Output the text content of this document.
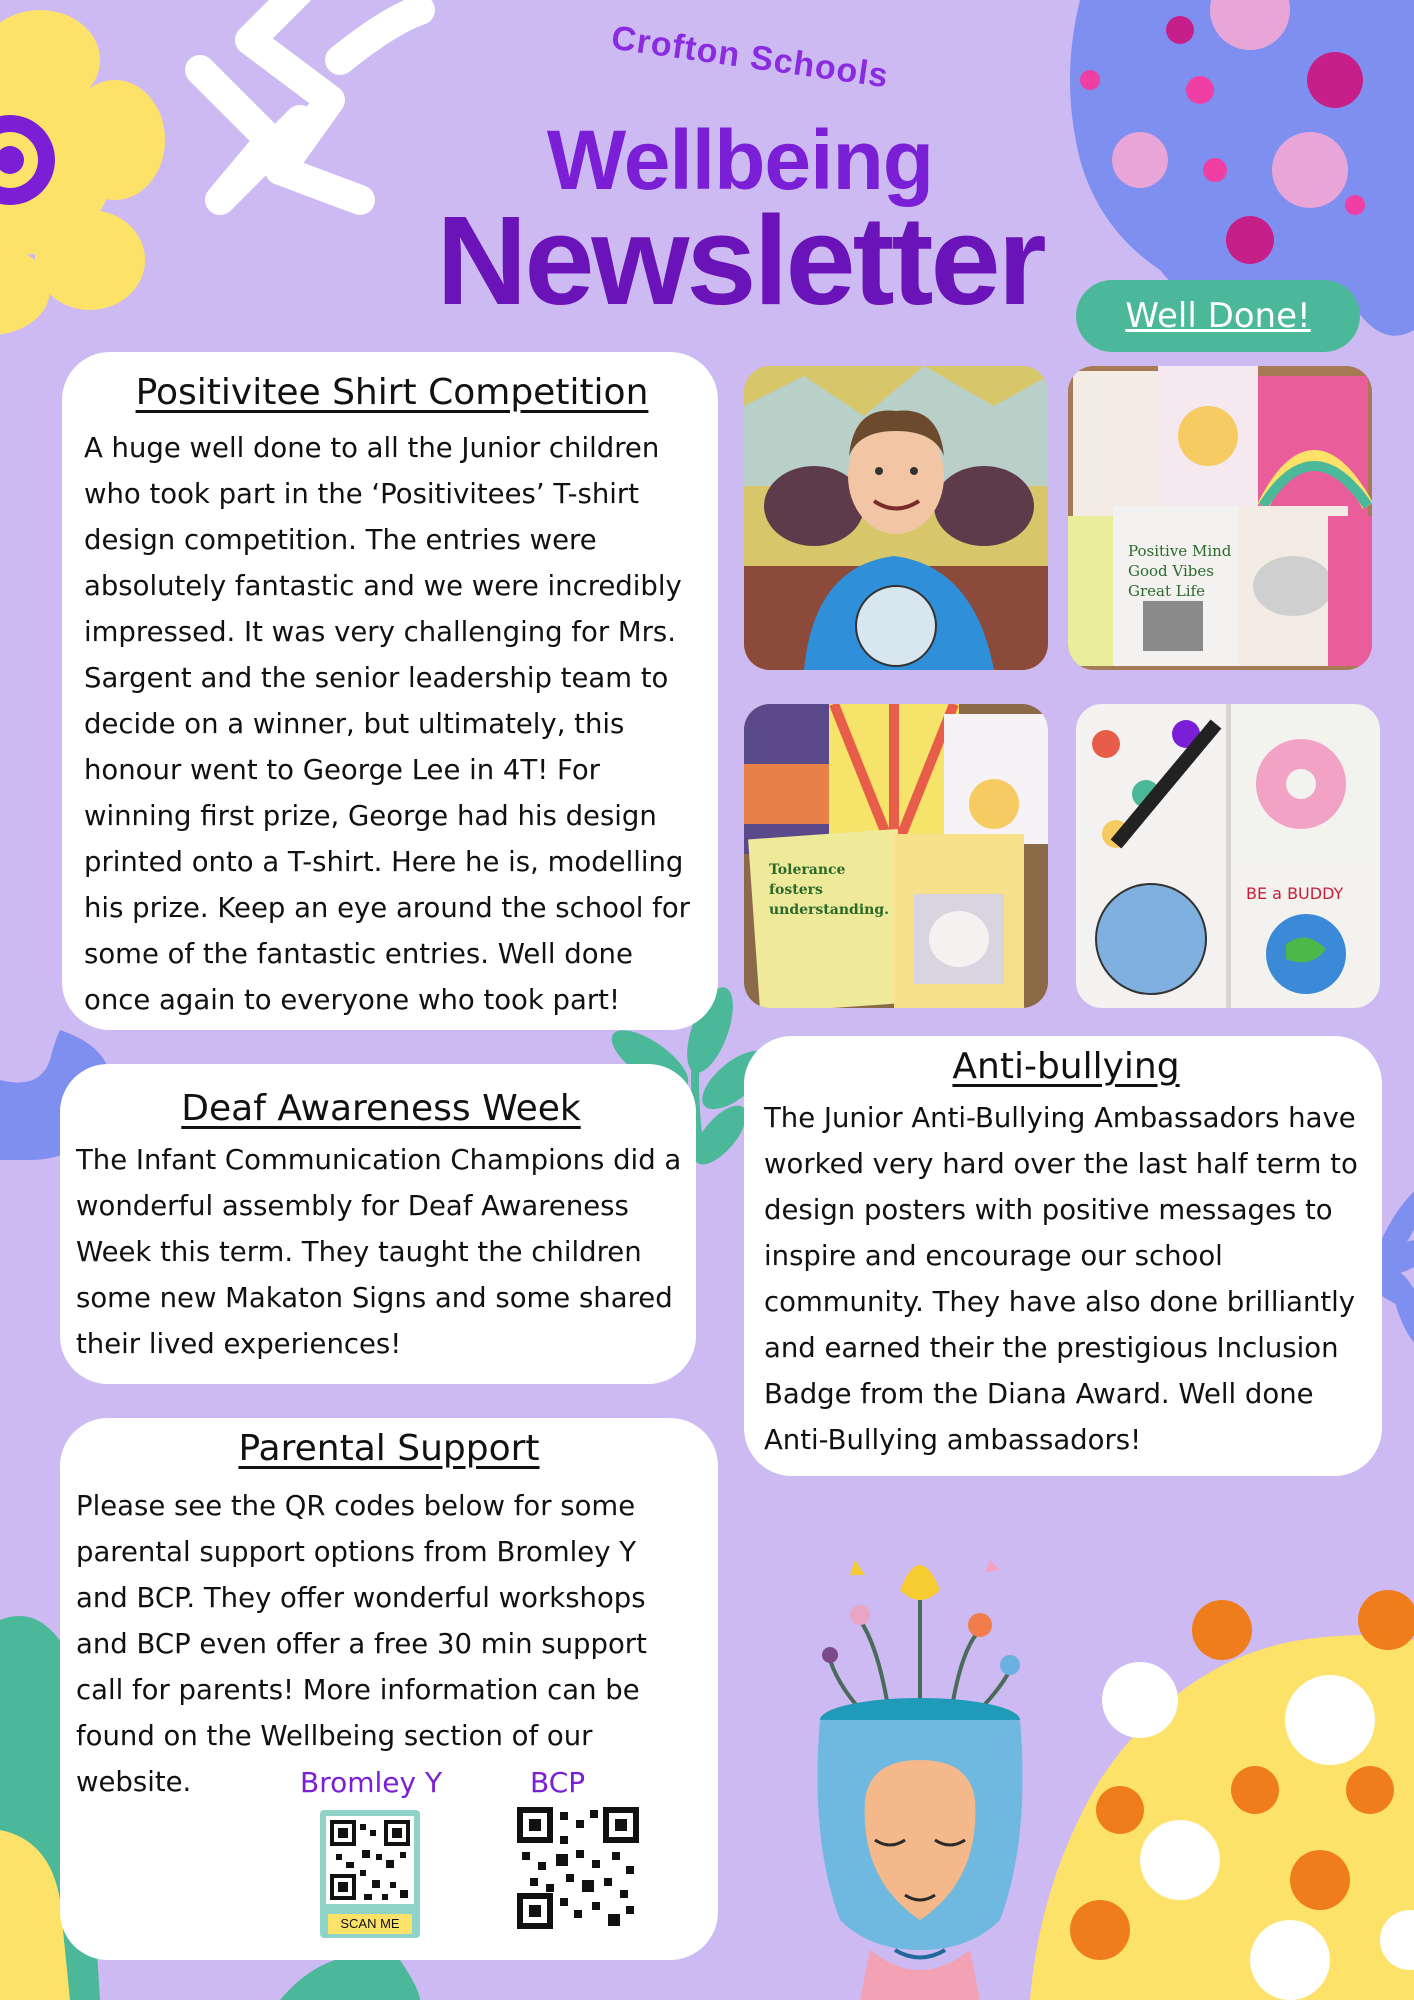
Crofton Schools
Wellbeing
Newsletter	Well Done!
Positivitee Shirt Competition

A huge well done to all the Junior children who took part in the ‘Positivitees’ T-shirt design competition. The entries were absolutely fantastic and we were incredibly impressed. It was very challenging for Mrs. Sargent and the senior leadership team to decide on a winner, but ultimately, this honour went to George Lee in 4T! For winning first prize, George had his design printed onto a T-shirt. Here he is, modelling his prize. Keep an eye around the school for some of the fantastic entries. Well done once again to everyone who took part!

Positive Mind
Good Vibes
Great Life
Tolerance
fosters
understanding.
BE a BUDDY
Deaf Awareness Week

The Infant Communication Champions did a wonderful assembly for Deaf Awareness Week this term. They taught the children some new Makaton Signs and some shared their lived experiences!

Anti-bullying

The Junior Anti-Bullying Ambassadors have worked very hard over the last half term to design posters with positive messages to inspire and encourage our school community. They have also done brilliantly and earned their the prestigious Inclusion Badge from the Diana Award. Well done Anti-Bullying ambassadors!

Parental Support

Please see the QR codes below for some parental support options from Bromley Y and BCP. They offer wonderful workshops and BCP even offer a free 30 min support call for parents! More information can be found on the Wellbeing section of our website.	Bromley Y	BCP
SCAN ME
